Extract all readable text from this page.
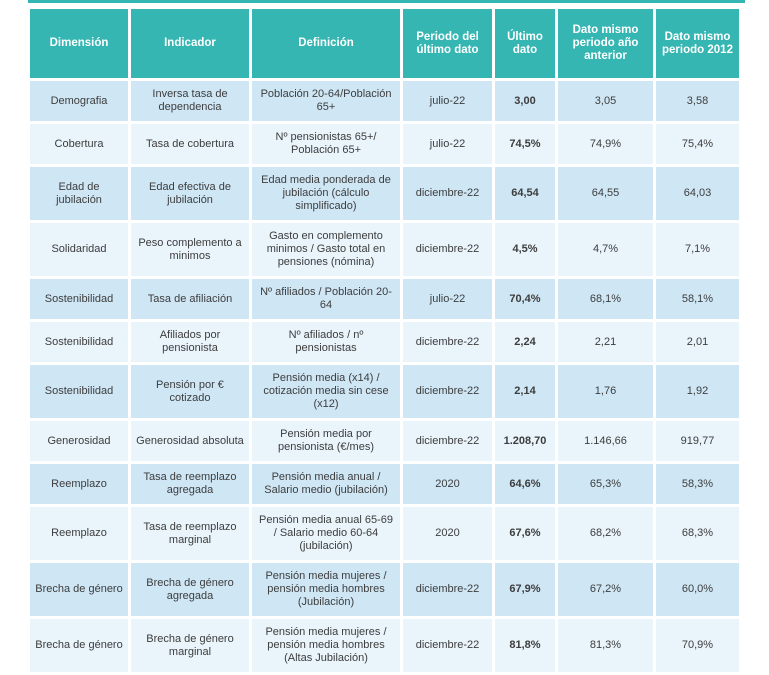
Dimensión	Indicador	Definición	Periodo del último dato	Último dato	Dato mismo periodo año anterior	Dato mismo periodo 2012
Demografia	Inversa tasa de dependencia	Población 20-64/Población 65+	julio-22	3,00	3,05	3,58
Cobertura	Tasa de cobertura	Nº pensionistas 65+/ Población 65+	julio-22	74,5%	74,9%	75,4%
Edad de jubilación	Edad efectiva de jubilación	Edad media ponderada de jubilación (cálculo simplificado)	diciembre-22	64,54	64,55	64,03
Solidaridad	Peso complemento a minimos	Gasto en complemento minimos / Gasto total en pensiones (nómina)	diciembre-22	4,5%	4,7%	7,1%
Sostenibilidad	Tasa de afiliación	Nº afiliados / Población 20-64	julio-22	70,4%	68,1%	58,1%
Sostenibilidad	Afiliados por pensionista	Nº afiliados / nº pensionistas	diciembre-22	2,24	2,21	2,01
Sostenibilidad	Pensión por € cotizado	Pensión media (x14) / cotización media sin cese (x12)	diciembre-22	2,14	1,76	1,92
Generosidad	Generosidad absoluta	Pensión media por pensionista (€/mes)	diciembre-22	1.208,70	1.146,66	919,77
Reemplazo	Tasa de reemplazo agregada	Pensión media anual / Salario medio (jubilación)	2020	64,6%	65,3%	58,3%
Reemplazo	Tasa de reemplazo marginal	Pensión media anual 65-69 / Salario medio 60-64 (jubilación)	2020	67,6%	68,2%	68,3%
Brecha de género	Brecha de género agregada	Pensión media mujeres / pensión media hombres (Jubilación)	diciembre-22	67,9%	67,2%	60,0%
Brecha de género	Brecha de género marginal	Pensión media mujeres / pensión media hombres (Altas Jubilación)	diciembre-22	81,8%	81,3%	70,9%
